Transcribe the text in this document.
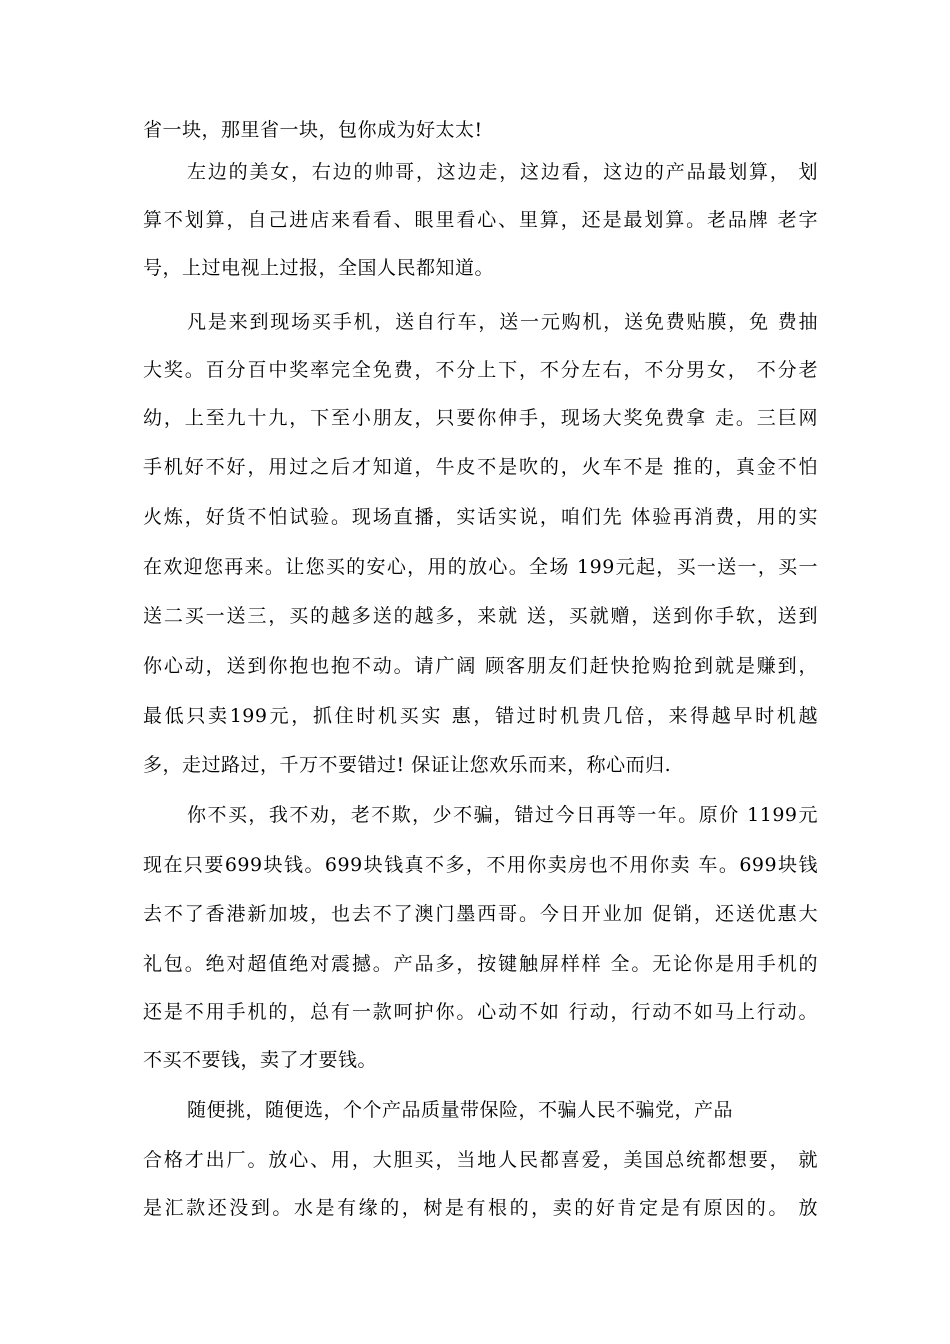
省一块，那里省一块，包你成为好太太!
左边的美女，右边的帅哥，这边走，这边看，这边的产品最划算， 划
算不划算，自己进店来看看、眼里看心、里算，还是最划算。老品牌 老字
号，上过电视上过报，全国人民都知道。
凡是来到现场买手机，送自行车，送一元购机，送免费贴膜，免 费抽
大奖。百分百中奖率完全免费，不分上下，不分左右，不分男女， 不分老
幼，上至九十九，下至小朋友，只要你伸手，现场大奖免费拿 走。三巨网
手机好不好，用过之后才知道，牛皮不是吹的，火车不是 推的，真金不怕
火炼，好货不怕试验。现场直播，实话实说，咱们先 体验再消费，用的实
在欢迎您再来。让您买的安心，用的放心。全场 199元起，买一送一，买一
送二买一送三，买的越多送的越多，来就 送，买就赠，送到你手软，送到
你心动，送到你抱也抱不动。请广阔 顾客朋友们赶快抢购抢到就是赚到，
最低只卖199元，抓住时机买实 惠，错过时机贵几倍，来得越早时机越
多，走过路过，千万不要错过! 保证让您欢乐而来，称心而归.
你不买，我不劝，老不欺，少不骗，错过今日再等一年。原价 1199元
现在只要699块钱。699块钱真不多，不用你卖房也不用你卖 车。699块钱
去不了香港新加坡，也去不了澳门墨西哥。今日开业加 促销，还送优惠大
礼包。绝对超值绝对震撼。产品多，按键触屏样样 全。无论你是用手机的
还是不用手机的，总有一款呵护你。心动不如 行动，行动不如马上行动。
不买不要钱，卖了才要钱。
随便挑，随便选，个个产品质量带保险，不骗人民不骗党，产品
合格才出厂。放心、用，大胆买，当地人民都喜爱，美国总统都想要， 就
是汇款还没到。水是有缘的，树是有根的，卖的好肯定是有原因的。 放
